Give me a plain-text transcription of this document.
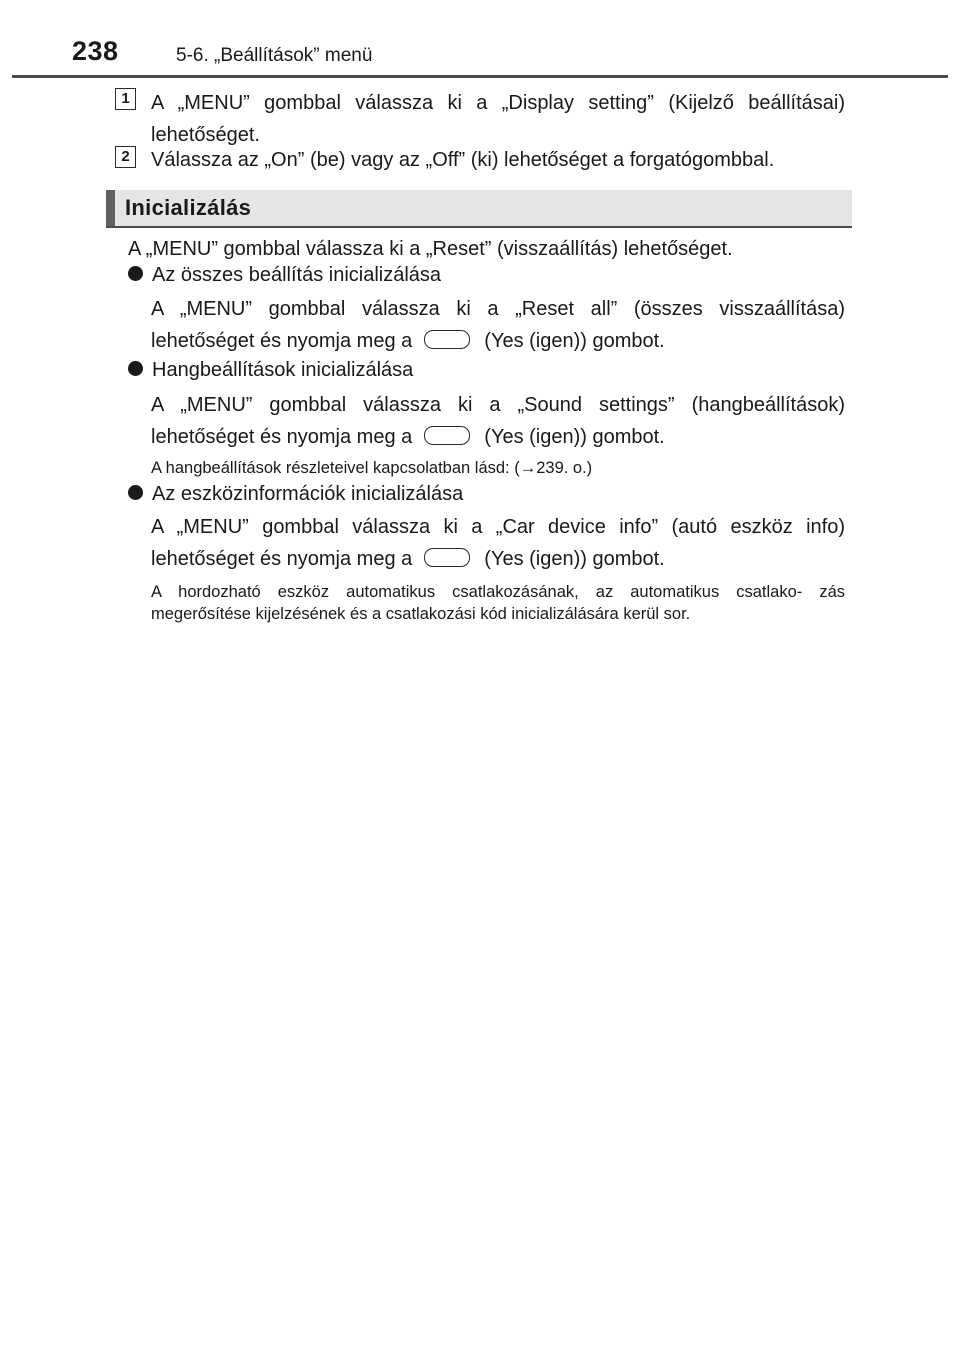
238	5-6. „Beállítások” menü
1	A „MENU” gombbal válassza ki a „Display setting” (Kijelző beállításai)
lehetőséget.
2	Válassza az „On” (be) vagy az „Off” (ki) lehetőséget a forgatógombbal.
Inicializálás
A „MENU” gombbal válassza ki a „Reset” (visszaállítás) lehetőséget.
Az összes beállítás inicializálása
A „MENU” gombbal válassza ki a „Reset all” (összes visszaállítása)
lehetőséget és nyomja meg a	(Yes (igen)) gombot.
Hangbeállítások inicializálása
A „MENU” gombbal válassza ki a „Sound settings” (hangbeállítások)
lehetőséget és nyomja meg a	(Yes (igen)) gombot.
A hangbeállítások részleteivel kapcsolatban lásd: (→239. o.)
Az eszközinformációk inicializálása
A „MENU” gombbal válassza ki a „Car device info” (autó eszköz info)
lehetőséget és nyomja meg a	(Yes (igen)) gombot.
A hordozható eszköz automatikus csatlakozásának, az automatikus csatlako- zás megerősítése kijelzésének és a csatlakozási kód inicializálására kerül sor.
